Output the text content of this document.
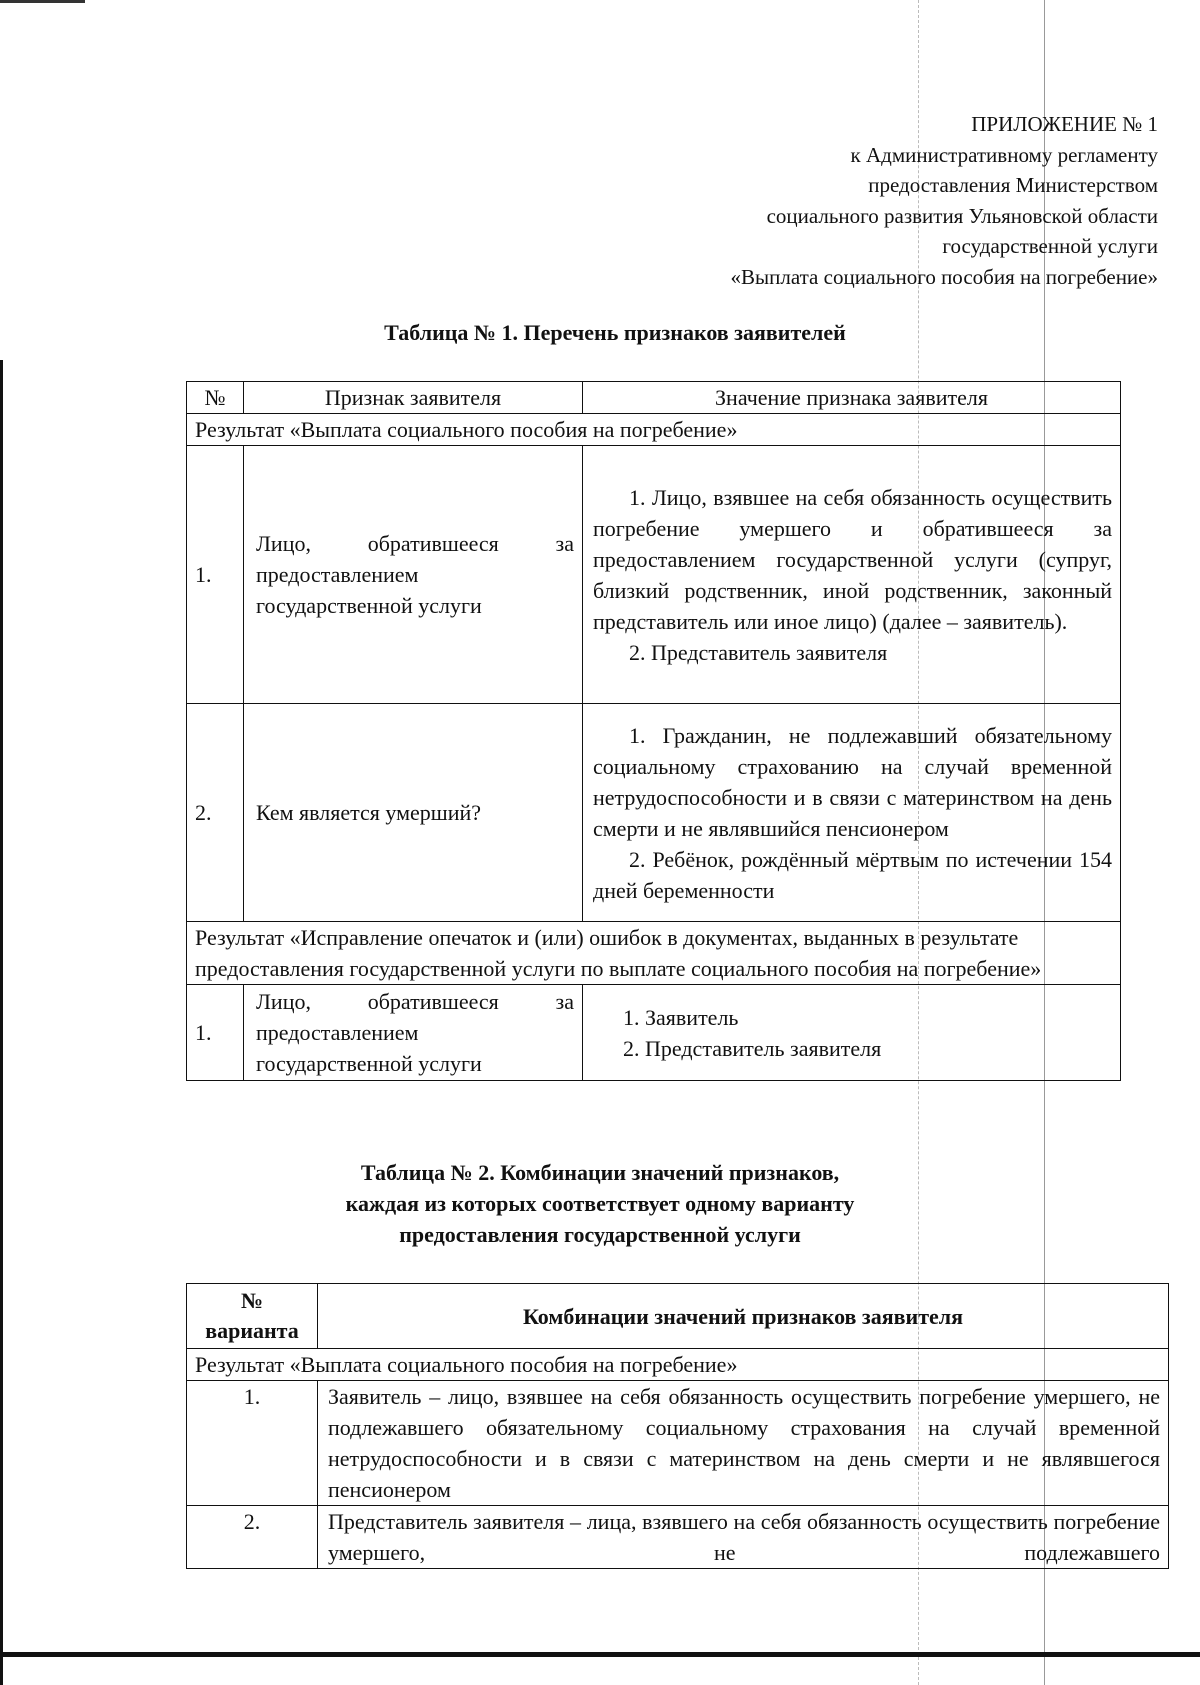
ПРИЛОЖЕНИЕ № 1
к Административному регламенту
предоставления Министерством
социального развития Ульяновской области
государственной услуги
«Выплата социального пособия на погребение»
Таблица № 1. Перечень признаков заявителей
№	Признак заявителя	Значение признака заявителя
Результат «Выплата социального пособия на погребение»		
1.	Лицо, обратившееся за предоставлением государственной услуги	1. Лицо, взявшее на себя обязанность осуществить погребение умершего и обратившееся за предоставлением государственной услуги (супруг, близкий родственник, иной родственник, законный представитель или иное лицо) (далее – заявитель).
2. Представитель заявителя

2.	Кем является умерший?	1. Гражданин, не подлежавший обязательному социальному страхованию на случай временной нетрудоспособности и в связи с материнством на день смерти и не являвшийся пенсионером
2. Ребёнок, рождённый мёртвым по истечении 154 дней беременности

Результат «Исправление опечаток и (или) ошибок в документах, выданных в результате предоставления государственной услуги по выплате социального пособия на погребение»		
1.	Лицо, обратившееся за предоставлением государственной услуги	1. Заявитель
2. Представитель заявителя
Таблица № 2. Комбинации значений признаков,
каждая из которых соответствует одному варианту
предоставления государственной услуги
№
варианта	Комбинации значений признаков заявителя
Результат «Выплата социального пособия на погребение»	
1.	Заявитель – лицо, взявшее на себя обязанность осуществить погребение умершего, не подлежавшего обязательному социальному страхования на случай временной нетрудоспособности и в связи с материнством на день смерти и не являвшегося пенсионером
2.	Представитель заявителя – лица, взявшего на себя обязанность осуществить погребение умершего, не подлежавшего
